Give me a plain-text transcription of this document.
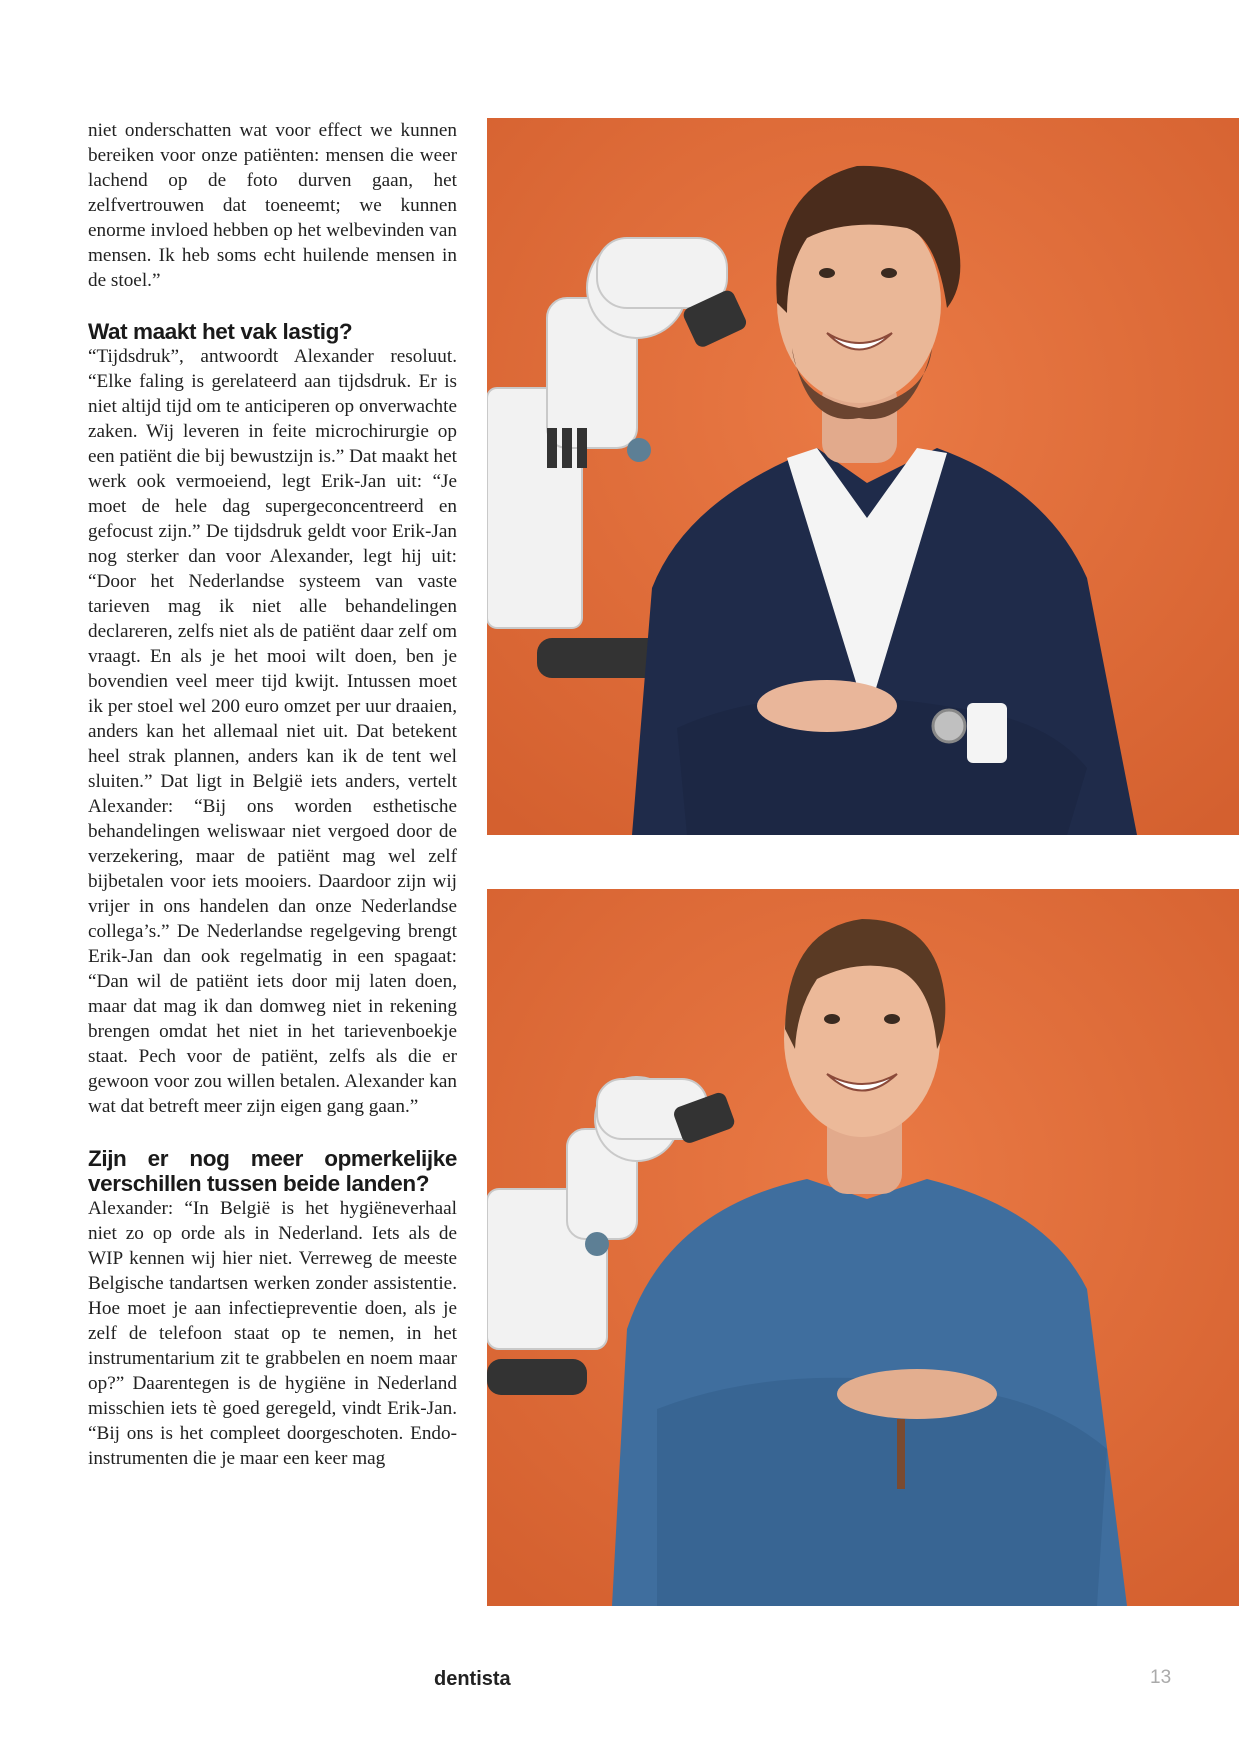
niet onderschatten wat voor effect we kunnen bereiken voor onze patiënten: mensen die weer lachend op de foto durven gaan, het zelfvertrouwen dat toeneemt; we kunnen enorme invloed hebben op het welbevinden van mensen. Ik heb soms echt huilende mensen in de stoel.”

Wat maakt het vak lastig?

“Tijdsdruk”, antwoordt Alexander resoluut. “Elke faling is gerelateerd aan tijdsdruk. Er is niet altijd tijd om te anticiperen op onverwachte zaken. Wij leveren in feite microchirurgie op een patiënt die bij bewustzijn is.” Dat maakt het werk ook vermoeiend, legt Erik-Jan uit: “Je moet de hele dag supergeconcentreerd en gefocust zijn.” De tijdsdruk geldt voor Erik-Jan nog sterker dan voor Alexander, legt hij uit: “Door het Nederlandse systeem van vaste tarieven mag ik niet alle behandelingen declareren, zelfs niet als de patiënt daar zelf om vraagt. En als je het mooi wilt doen, ben je bovendien veel meer tijd kwijt. Intussen moet ik per stoel wel 200 euro omzet per uur draaien, anders kan het allemaal niet uit. Dat betekent heel strak plannen, anders kan ik de tent wel sluiten.” Dat ligt in België iets anders, vertelt Alexander: “Bij ons worden esthetische behandelingen weliswaar niet vergoed door de verzekering, maar de patiënt mag wel zelf bijbetalen voor iets mooiers. Daardoor zijn wij vrijer in ons handelen dan onze Nederlandse collega’s.” De Nederlandse regelgeving brengt Erik-Jan dan ook regelmatig in een spagaat: “Dan wil de patiënt iets door mij laten doen, maar dat mag ik dan domweg niet in rekening brengen omdat het niet in het tarievenboekje staat. Pech voor de patiënt, zelfs als die er gewoon voor zou willen betalen. Alexander kan wat dat betreft meer zijn eigen gang gaan.”

Zijn er nog meer opmerkelijke verschillen tussen beide landen?

Alexander: “In België is het hygiëneverhaal niet zo op orde als in Nederland. Iets als de WIP kennen wij hier niet. Verreweg de meeste Belgische tandartsen werken zonder assistentie. Hoe moet je aan infectiepreventie doen, als je zelf de telefoon staat op te nemen, in het instrumentarium zit te grabbelen en noem maar op?” Daarentegen is de hygiëne in Nederland misschien iets tè goed geregeld, vindt Erik-Jan. “Bij ons is het compleet doorgeschoten. Endo-instrumenten die je maar een keer mag

dentista	13
